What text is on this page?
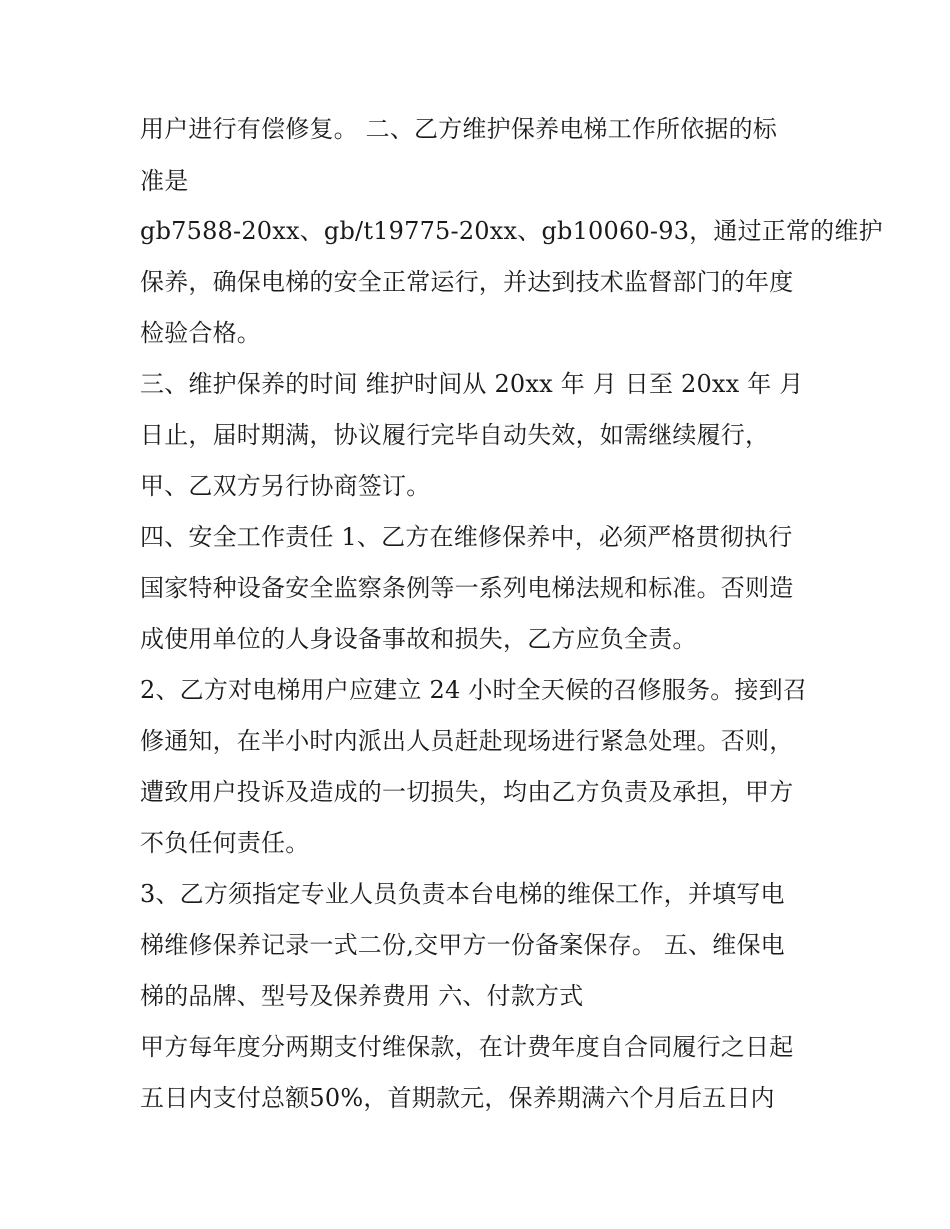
用户进行有偿修复。 二、乙方维护保养电梯工作所依据的标

准是

gb7588-20xx、gb/t19775-20xx、gb10060-93，通过正常的维护

保养，确保电梯的安全正常运行，并达到技术监督部门的年度

检验合格。

三、维护保养的时间 维护时间从 20xx 年 月 日至 20xx 年 月

日止，届时期满，协议履行完毕自动失效，如需继续履行，

甲、乙双方另行协商签订。

四、安全工作责任 1、乙方在维修保养中，必须严格贯彻执行

国家特种设备安全监察条例等一系列电梯法规和标准。否则造

成使用单位的人身设备事故和损失，乙方应负全责。

2、乙方对电梯用户应建立 24 小时全天候的召修服务。接到召

修通知，在半小时内派出人员赶赴现场进行紧急处理。否则，

遭致用户投诉及造成的一切损失，均由乙方负责及承担，甲方

不负任何责任。

3、乙方须指定专业人员负责本台电梯的维保工作，并填写电

梯维修保养记录一式二份,交甲方一份备案保存。 五、维保电

梯的品牌、型号及保养费用 六、付款方式

甲方每年度分两期支付维保款，在计费年度自合同履行之日起

五日内支付总额50%，首期款元，保养期满六个月后五日内
